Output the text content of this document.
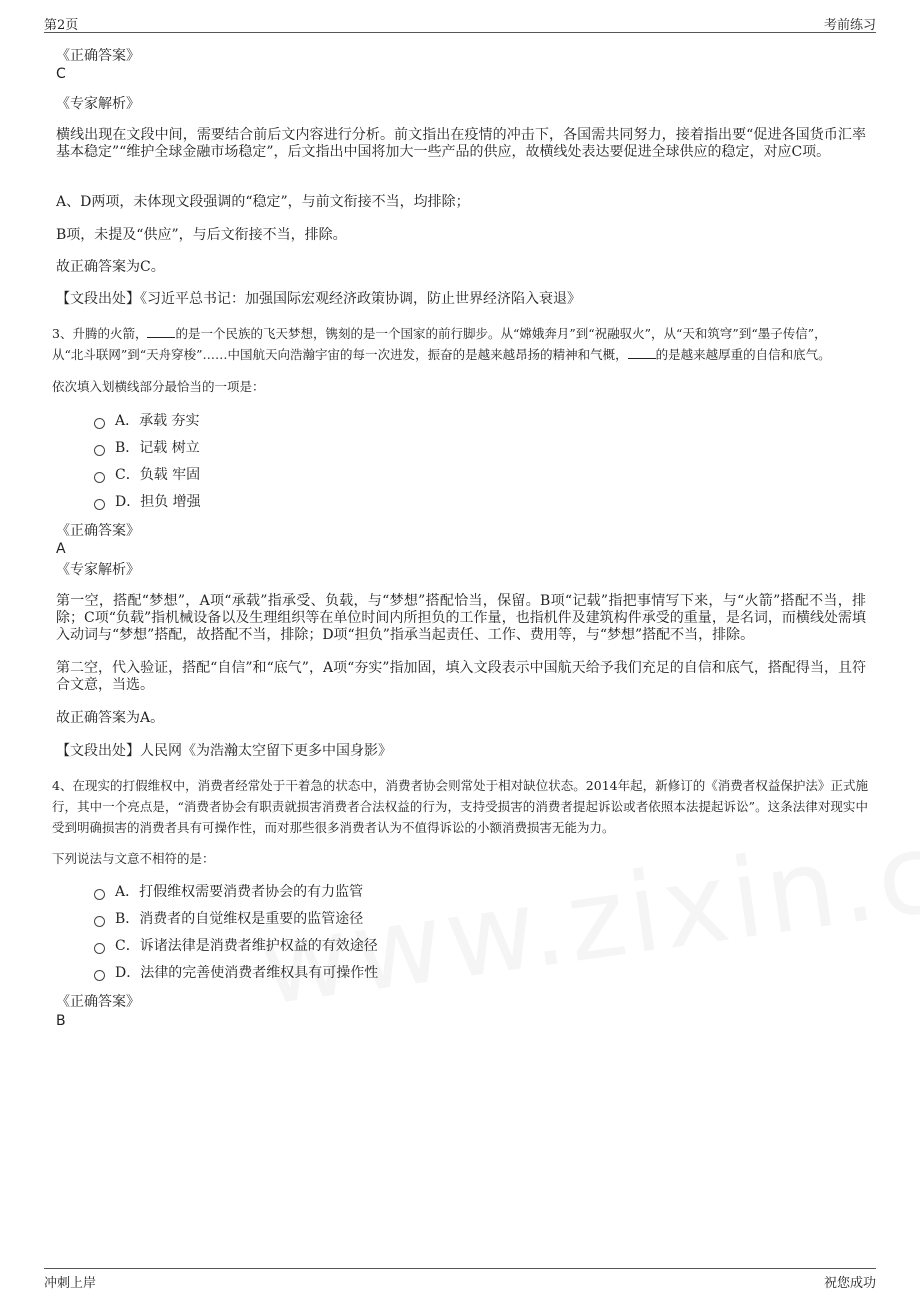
第2页	考前练习
《正确答案》
C
《专家解析》
横线出现在文段中间，需要结合前后文内容进行分析。前文指出在疫情的冲击下，各国需共同努力，接着指出要“促进各国货币汇率基本稳定”“维护全球金融市场稳定”，后文指出中国将加大一些产品的供应，故横线处表达要促进全球供应的稳定，对应C项。
A、D两项，未体现文段强调的“稳定”，与前文衔接不当，均排除；
B项，未提及“供应”，与后文衔接不当，排除。
故正确答案为C。
【文段出处】《习近平总书记：加强国际宏观经济政策协调，防止世界经济陷入衰退》
3、升腾的火箭， 的是一个民族的飞天梦想，镌刻的是一个国家的前行脚步。从“嫦娥奔月”到“祝融驭火”，从“天和筑穹”到“墨子传信”，
从“北斗联网”到“天舟穿梭”……中国航天向浩瀚宇宙的每一次进发，振奋的是越来越昂扬的精神和气概， 的是越来越厚重的自信和底气。
依次填入划横线部分最恰当的一项是：
A．承载 夯实
B．记载 树立
C．负载 牢固
D．担负 增强
《正确答案》
A
《专家解析》
第一空，搭配“梦想”，A项“承载”指承受、负载，与“梦想”搭配恰当，保留。B项“记载”指把事情写下来，与“火箭”搭配不当，排除；C项“负载”指机械设备以及生理组织等在单位时间内所担负的工作量，也指机件及建筑构件承受的重量，是名词，而横线处需填入动词与“梦想”搭配，故搭配不当，排除；D项“担负”指承当起责任、工作、费用等，与“梦想”搭配不当，排除。
第二空，代入验证，搭配“自信”和“底气”，A项“夯实”指加固，填入文段表示中国航天给予我们充足的自信和底气，搭配得当，且符合文意，当选。
故正确答案为A。
【文段出处】人民网《为浩瀚太空留下更多中国身影》
4、在现实的打假维权中，消费者经常处于干着急的状态中，消费者协会则常处于相对缺位状态。2014年起，新修订的《消费者权益保护法》正式施行，其中一个亮点是，“消费者协会有职责就损害消费者合法权益的行为，支持受损害的消费者提起诉讼或者依照本法提起诉讼”。这条法律对现实中受到明确损害的消费者具有可操作性，而对那些很多消费者认为不值得诉讼的小额消费损害无能为力。
下列说法与文意不相符的是：
A．打假维权需要消费者协会的有力监管
B．消费者的自觉维权是重要的监管途径
C．诉诸法律是消费者维护权益的有效途径
D．法律的完善使消费者维权具有可操作性
《正确答案》
B
冲刺上岸	祝您成功
